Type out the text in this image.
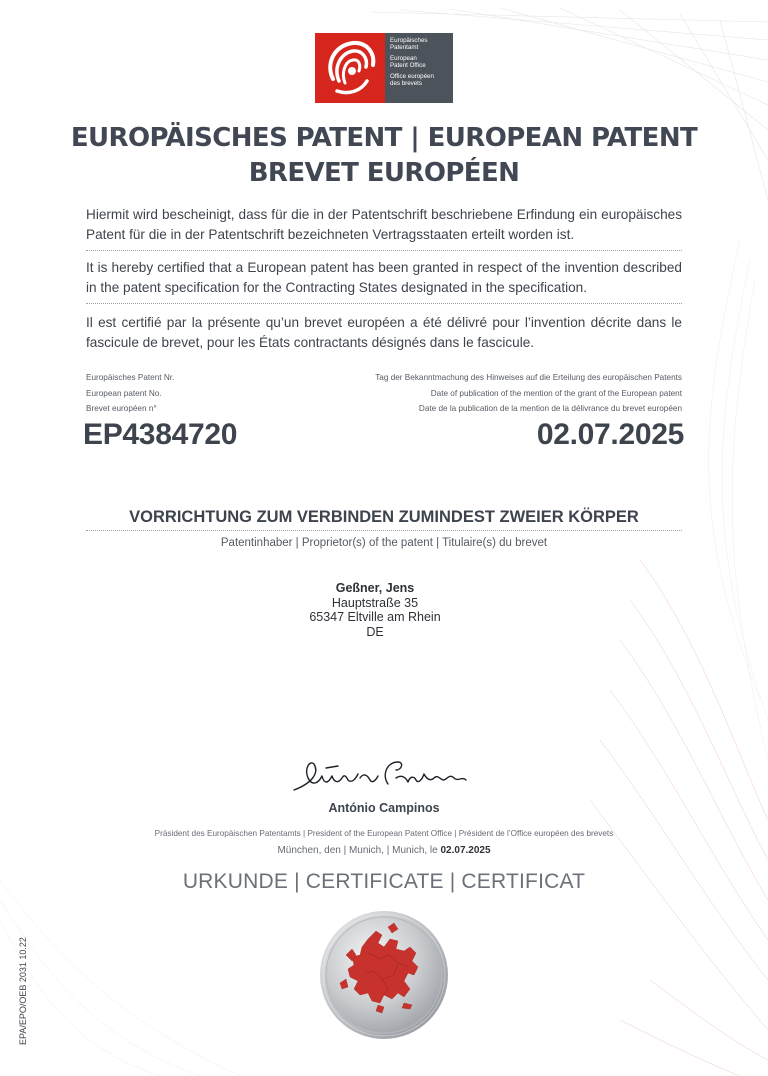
Europäisches
Patentamt
European
Patent Office
Office européen
des brevets
EUROPÄISCHES PATENT | EUROPEAN PATENT
BREVET EUROPÉEN
Hiermit wird bescheinigt, dass für die in der Patentschrift beschriebene Erfindung ein europäisches Patent für die in der Patentschrift bezeichneten Vertragsstaaten erteilt worden ist.
It is hereby certified that a European patent has been granted in respect of the invention described in the patent specification for the Contracting States designated in the specification.
Il est certifié par la présente qu’un brevet européen a été délivré pour l’invention décrite dans le fascicule de brevet, pour les États contractants désignés dans le fascicule.
Europäisches Patent Nr.
European patent No.
Brevet européen n°
Tag der Bekanntmachung des Hinweises auf die Erteilung des europäischen Patents
Date of publication of the mention of the grant of the European patent
Date de la publication de la mention de la délivrance du brevet européen
EP4384720	02.07.2025
VORRICHTUNG ZUM VERBINDEN ZUMINDEST ZWEIER KÖRPER
Patentinhaber | Proprietor(s) of the patent | Titulaire(s) du brevet
Geßner, Jens
Hauptstraße 35
65347 Eltville am Rhein
DE
António Campinos
Präsident des Europäischen Patentamts | President of the European Patent Office | Président de l’Office européen des brevets
München, den | Munich, | Munich, le 02.07.2025
URKUNDE | CERTIFICATE | CERTIFICAT
EPA/EPO/OEB 2031 10.22
